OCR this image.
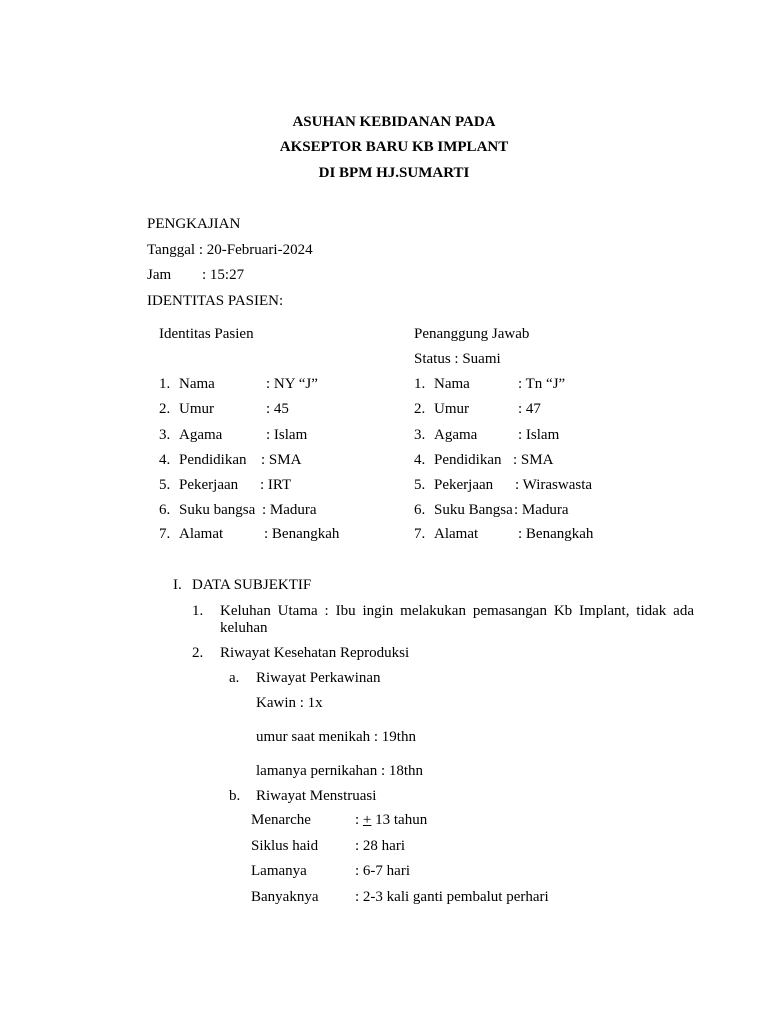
ASUHAN KEBIDANAN PADA
AKSEPTOR BARU KB IMPLANT
DI BPM HJ.SUMARTI
PENGKAJIAN
Tanggal : 20-Februari-2024
Jam : 15:27
IDENTITAS PASIEN:
Identitas Pasien
1. Nama	: NY “J”
2. Umur	: 45
3. Agama	: Islam
4. Pendidikan : SMA
5. Pekerjaan : IRT
6. Suku bangsa : Madura
7. Alamat	: Benangkah
Penanggung Jawab
Status : Suami
1. Nama	: Tn “J”
2. Umur	: 47
3. Agama	: Islam
4. Pendidikan : SMA
5. Pekerjaan : Wiraswasta
6. Suku Bangsa : Madura
7. Alamat	: Benangkah
I. DATA SUBJEKTIF
1. Keluhan Utama : Ibu ingin melakukan pemasangan Kb Implant, tidak ada
keluhan
2. Riwayat Kesehatan Reproduksi
a. Riwayat Perkawinan
Kawin : 1x
umur saat menikah : 19thn
lamanya pernikahan : 18thn
b. Riwayat Menstruasi
Menarche	: + 13 tahun
Siklus haid : 28 hari
Lamanya	: 6-7 hari
Banyaknya : 2-3 kali ganti pembalut perhari
